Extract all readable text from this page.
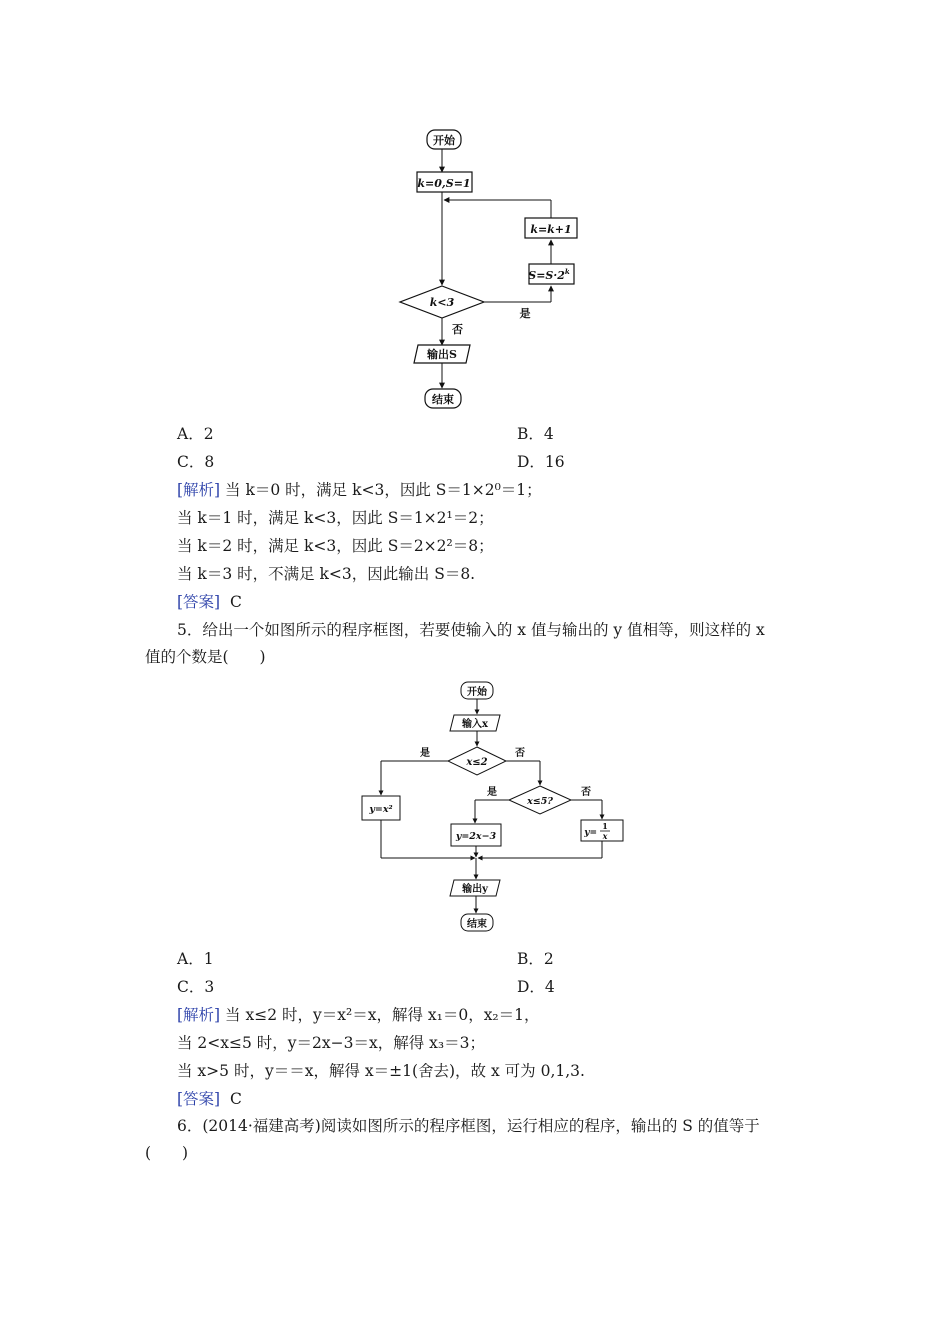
开始
k=0,S=1
k=k+1
$S=S\cdot 2^k$
k<3
是
否
输出S
结束
A．2	B．4
C．8	D．16
[解析] 当 k＝0 时，满足 k<3，因此 S＝1×2⁰＝1；
当 k＝1 时，满足 k<3，因此 S＝1×2¹＝2；
当 k＝2 时，满足 k<3，因此 S＝2×2²＝8；
当 k＝3 时，不满足 k<3，因此输出 S＝8.
[答案] C
5．给出一个如图所示的程序框图，若要使输入的 x 值与输出的 y 值相等，则这样的 x
值的个数是(　　)
开始
输入x
x≤2
是	否
y=x²
x≤5?
是	否
y=2x−3	y=
1
x
输出y
结束
A．1	B．2
C．3	D．4
[解析] 当 x≤2 时，y＝x²＝x，解得 x₁＝0，x₂＝1，
当 2<x≤5 时，y＝2x−3＝x，解得 x₃＝3；
当 x>5 时，y＝＝x，解得 x＝±1(舍去)，故 x 可为 0,1,3.
[答案] C
6．(2014·福建高考)阅读如图所示的程序框图，运行相应的程序，输出的 S 的值等于
(　　)
